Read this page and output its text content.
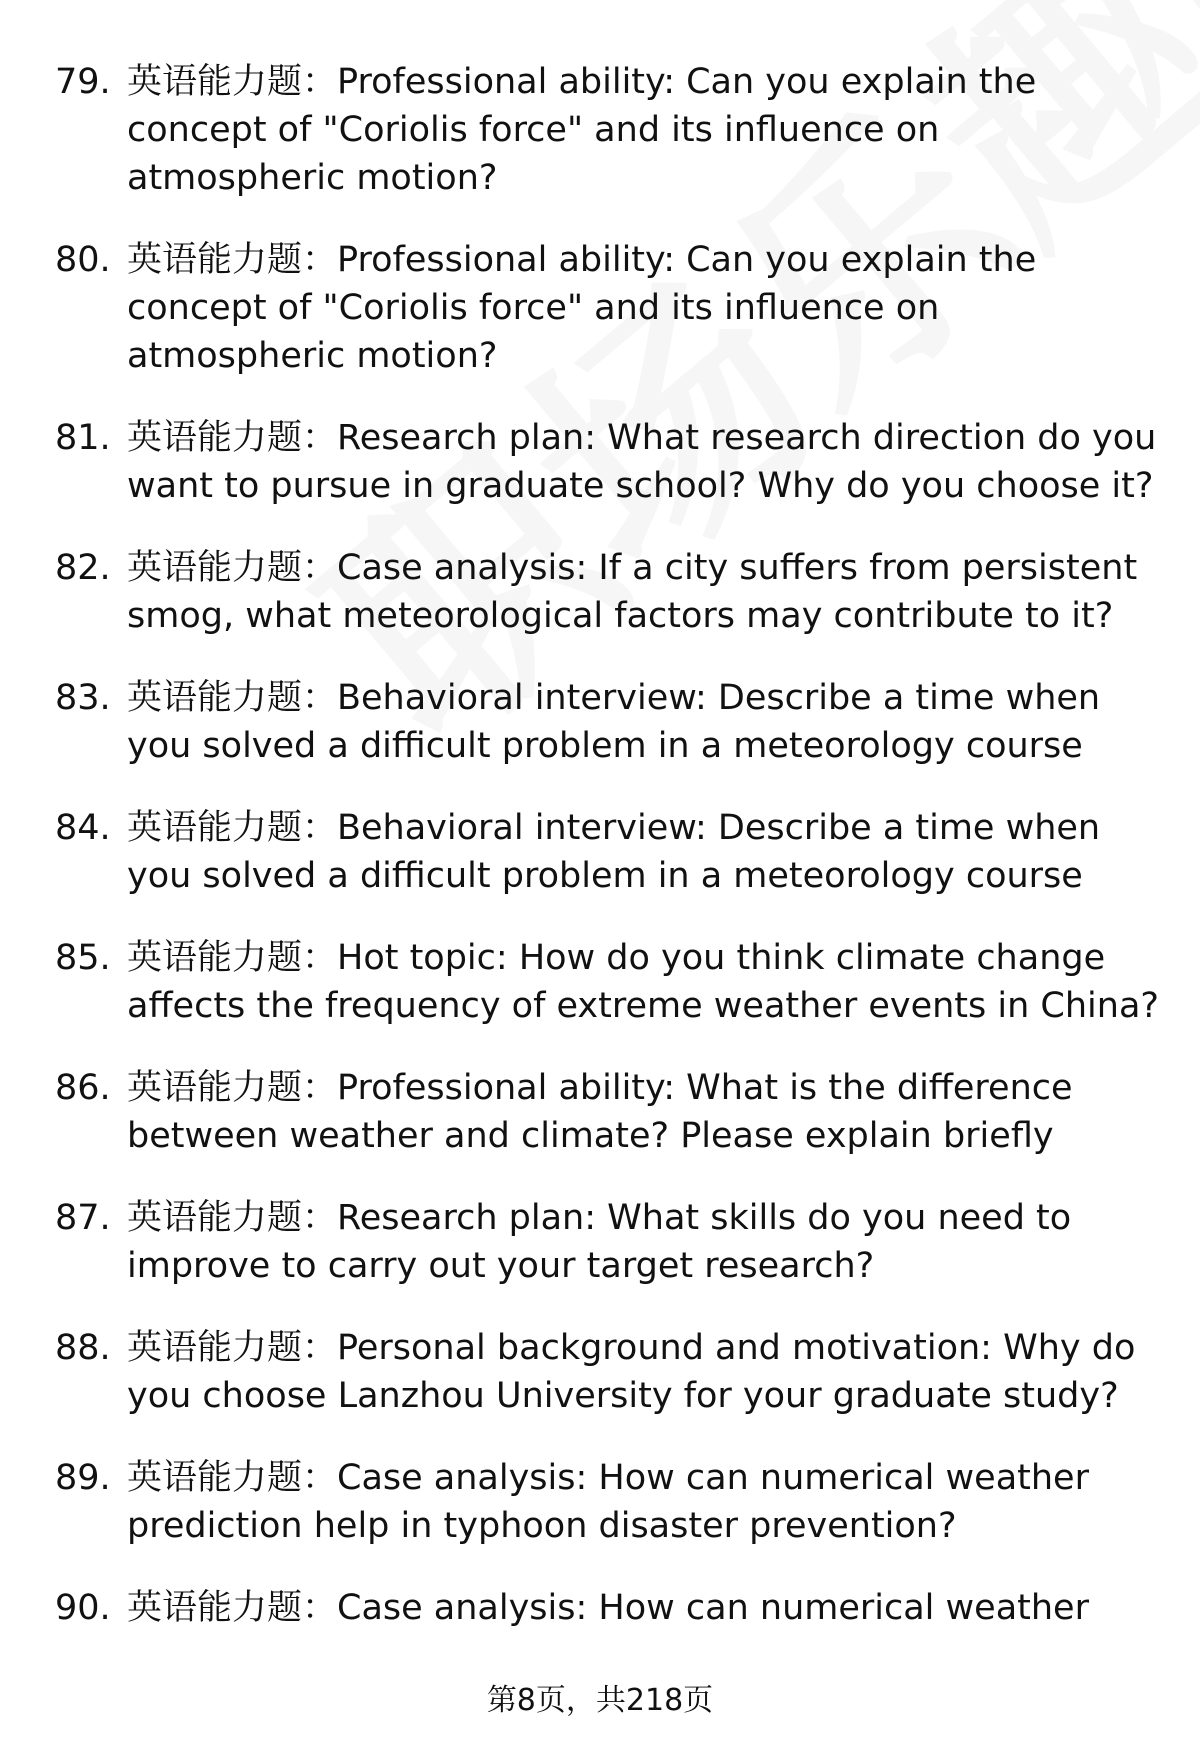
79. 英语能力题：Professional ability: Can you explain the concept of "Coriolis force" and its influence on atmospheric motion?
80. 英语能力题：Professional ability: Can you explain the concept of "Coriolis force" and its influence on atmospheric motion?
81. 英语能力题：Research plan: What research direction do you want to pursue in graduate school? Why do you choose it?
82. 英语能力题：Case analysis: If a city suffers from persistent smog, what meteorological factors may contribute to it?
83. 英语能力题：Behavioral interview: Describe a time when you solved a difficult problem in a meteorology course
84. 英语能力题：Behavioral interview: Describe a time when you solved a difficult problem in a meteorology course
85. 英语能力题：Hot topic: How do you think climate change affects the frequency of extreme weather events in China?
86. 英语能力题：Professional ability: What is the difference between weather and climate? Please explain briefly
87. 英语能力题：Research plan: What skills do you need to improve to carry out your target research?
88. 英语能力题：Personal background and motivation: Why do you choose Lanzhou University for your graduate study?
89. 英语能力题：Case analysis: How can numerical weather prediction help in typhoon disaster prevention?
90. 英语能力题：Case analysis: How can numerical weather
第8页，共218页
